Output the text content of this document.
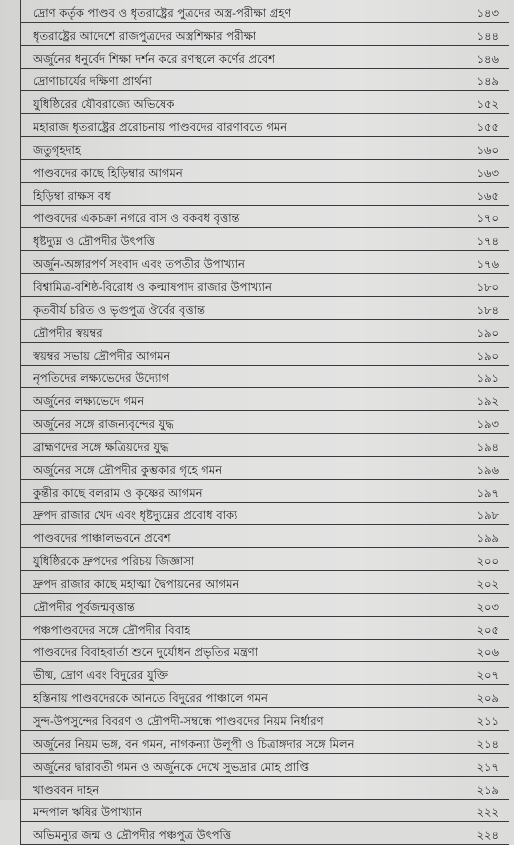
দ্রোণ কর্তৃক পাণ্ডব ও ধৃতরাষ্ট্রের পুত্রদের অস্ত্র-পরীক্ষা গ্রহণ	১৪৩
ধৃতরাষ্ট্রের আদেশে রাজপুত্রদের অস্ত্রশিক্ষার পরীক্ষা	১৪৪
অর্জুনের ধনুর্বেদ শিক্ষা দর্শন করে রণস্থলে কর্ণের প্রবেশ	১৪৬
দ্রোণাচার্যের দক্ষিণা প্রার্থনা	১৪৯
যুধিষ্ঠিরের যৌবরাজ্যে অভিষেক	১৫২
মহারাজ ধৃতরাষ্ট্রের প্ররোচনায় পাণ্ডবদের বারণাবতে গমন	১৫৫
জতুগৃহদাহ	১৬০
পাণ্ডবদের কাছে হিড়িম্বার আগমন	১৬৩
হিড়িম্বা রাক্ষস বধ	১৬৫
পাণ্ডবদের একচক্রা নগরে বাস ও বকবধ বৃত্তান্ত	১৭০
ধৃষ্টদ্যুম্ন ও দ্রৌপদীর উৎপত্তি	১৭৪
অর্জুন-অঙ্গারপর্ণ সংবাদ এবং তপতীর উপাখ্যান	১৭৬
বিশ্বামিত্র-বশিষ্ঠ-বিরোধ ও কল্মাষপাদ রাজার উপাখ্যান	১৮০
কৃতবীর্য চরিত ও ভৃগুপুত্র ঔর্বের বৃত্তান্ত	১৮৪
দ্রৌপদীর স্বয়ম্বর	১৯০
স্বয়ম্বর সভায় দ্রৌপদীর আগমন	১৯০
নৃপতিদের লক্ষ্যভেদের উদ্যোগ	১৯১
অর্জুনের লক্ষ্যভেদে গমন	১৯২
অর্জুনের সঙ্গে রাজন্যবৃন্দের যুদ্ধ	১৯৩
ব্রাহ্মণদের সঙ্গে ক্ষত্রিয়দের যুদ্ধ	১৯৪
অর্জুনের সঙ্গে দ্রৌপদীর কুম্ভকার গৃহে গমন	১৯৬
কুন্তীর কাছে বলরাম ও কৃষ্ণের আগমন	১৯৭
দ্রুপদ রাজার খেদ এবং ধৃষ্টদ্যুম্নের প্রবোধ বাক্য	১৯৮
পাণ্ডবদের পাঞ্চালভবনে প্রবেশ	১৯৯
যুধিষ্ঠিরকে দ্রুপদের পরিচয় জিজ্ঞাসা	২০০
দ্রুপদ রাজার কাছে মহাত্মা দ্বৈপায়নের আগমন	২০২
দ্রৌপদীর পূর্বজন্মবৃত্তান্ত	২০৩
পঞ্চপাণ্ডবদের সঙ্গে দ্রৌপদীর বিবাহ	২০৫
পাণ্ডবদের বিবাহবার্তা শুনে দুর্যোধন প্রভৃতির মন্ত্রণা	২০৬
ভীষ্ম, দ্রোণ এবং বিদুরের যুক্তি	২০৭
হস্তিনায় পাণ্ডবদেরকে আনতে বিদুরের পাঞ্চালে গমন	২০৯
সুন্দ-উপসুন্দের বিবরণ ও দ্রৌপদী-সম্বন্ধে পাণ্ডবদের নিয়ম নির্ধারণ	২১১
অর্জুনের নিয়ম ভঙ্গ, বন গমন, নাগকন্যা উলূপী ও চিত্রাঙ্গদার সঙ্গে মিলন	২১৪
অর্জুনের দ্বারাবতী গমন ও অর্জুনকে দেখে সুভদ্রার মোহ প্রাপ্তি	২১৭
খাণ্ডববন দাহন	২১৯
মন্দপাল ঋষির উপাখ্যান	২২২
অভিমন্যুর জন্ম ও দ্রৌপদীর পঞ্চপুত্র উৎপত্তি	২২৪
